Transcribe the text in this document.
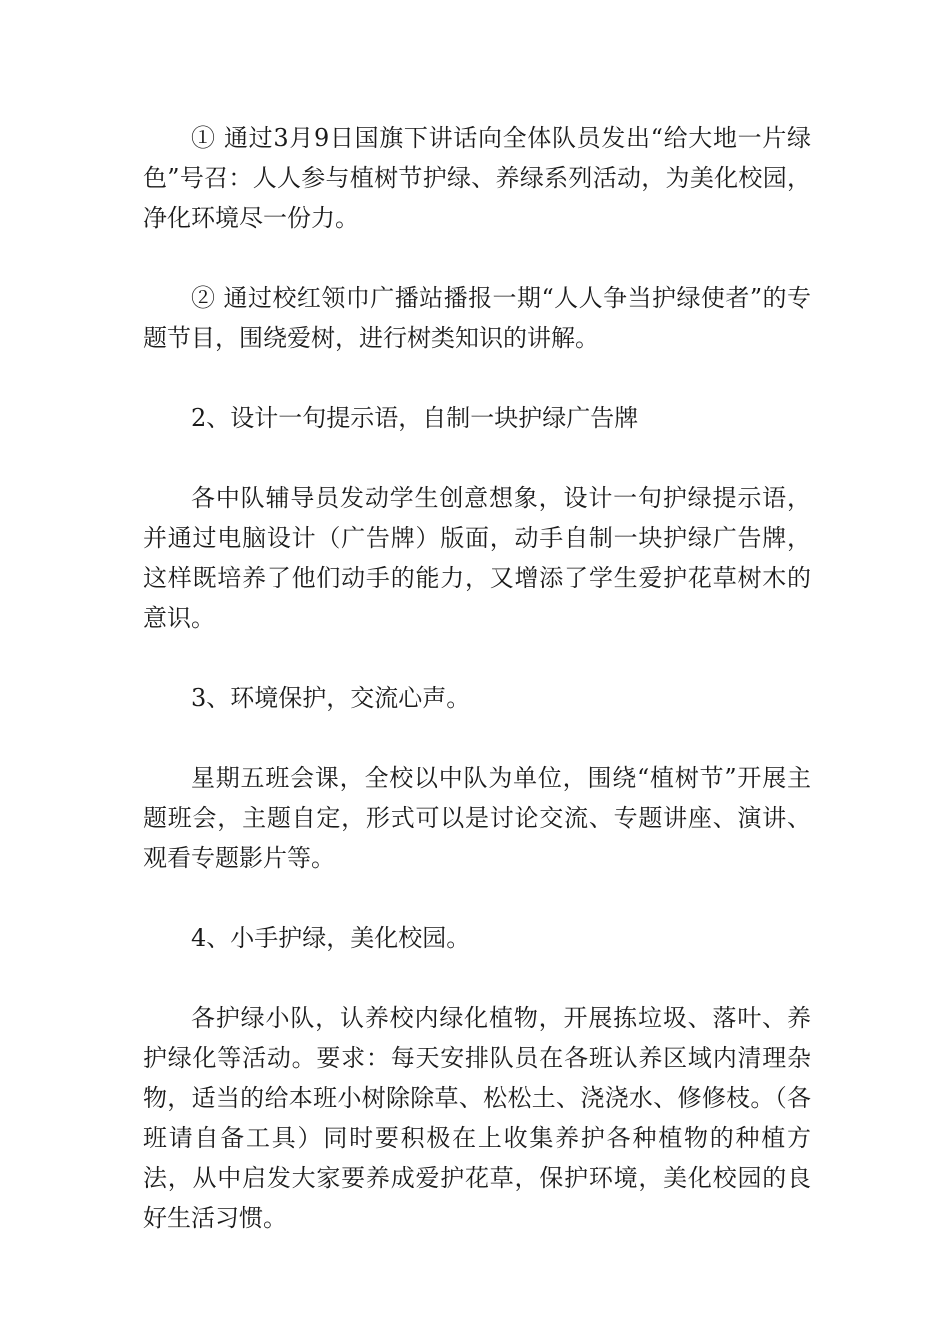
① 通过3月9日国旗下讲话向全体队员发出“给大地一片绿色”号召：人人参与植树节护绿、养绿系列活动，为美化校园，净化环境尽一份力。

② 通过校红领巾广播站播报一期“人人争当护绿使者”的专题节目，围绕爱树，进行树类知识的讲解。

2、设计一句提示语，自制一块护绿广告牌

各中队辅导员发动学生创意想象，设计一句护绿提示语，并通过电脑设计（广告牌）版面，动手自制一块护绿广告牌，这样既培养了他们动手的能力，又增添了学生爱护花草树木的意识。

3、环境保护，交流心声。

星期五班会课，全校以中队为单位，围绕“植树节”开展主题班会，主题自定，形式可以是讨论交流、专题讲座、演讲、观看专题影片等。

4、小手护绿，美化校园。

各护绿小队，认养校内绿化植物，开展拣垃圾、落叶、养护绿化等活动。要求：每天安排队员在各班认养区域内清理杂物，适当的给本班小树除除草、松松土、浇浇水、修修枝。（各班请自备工具）同时要积极在上收集养护各种植物的种植方法，从中启发大家要养成爱护花草，保护环境，美化校园的良好生活习惯。
